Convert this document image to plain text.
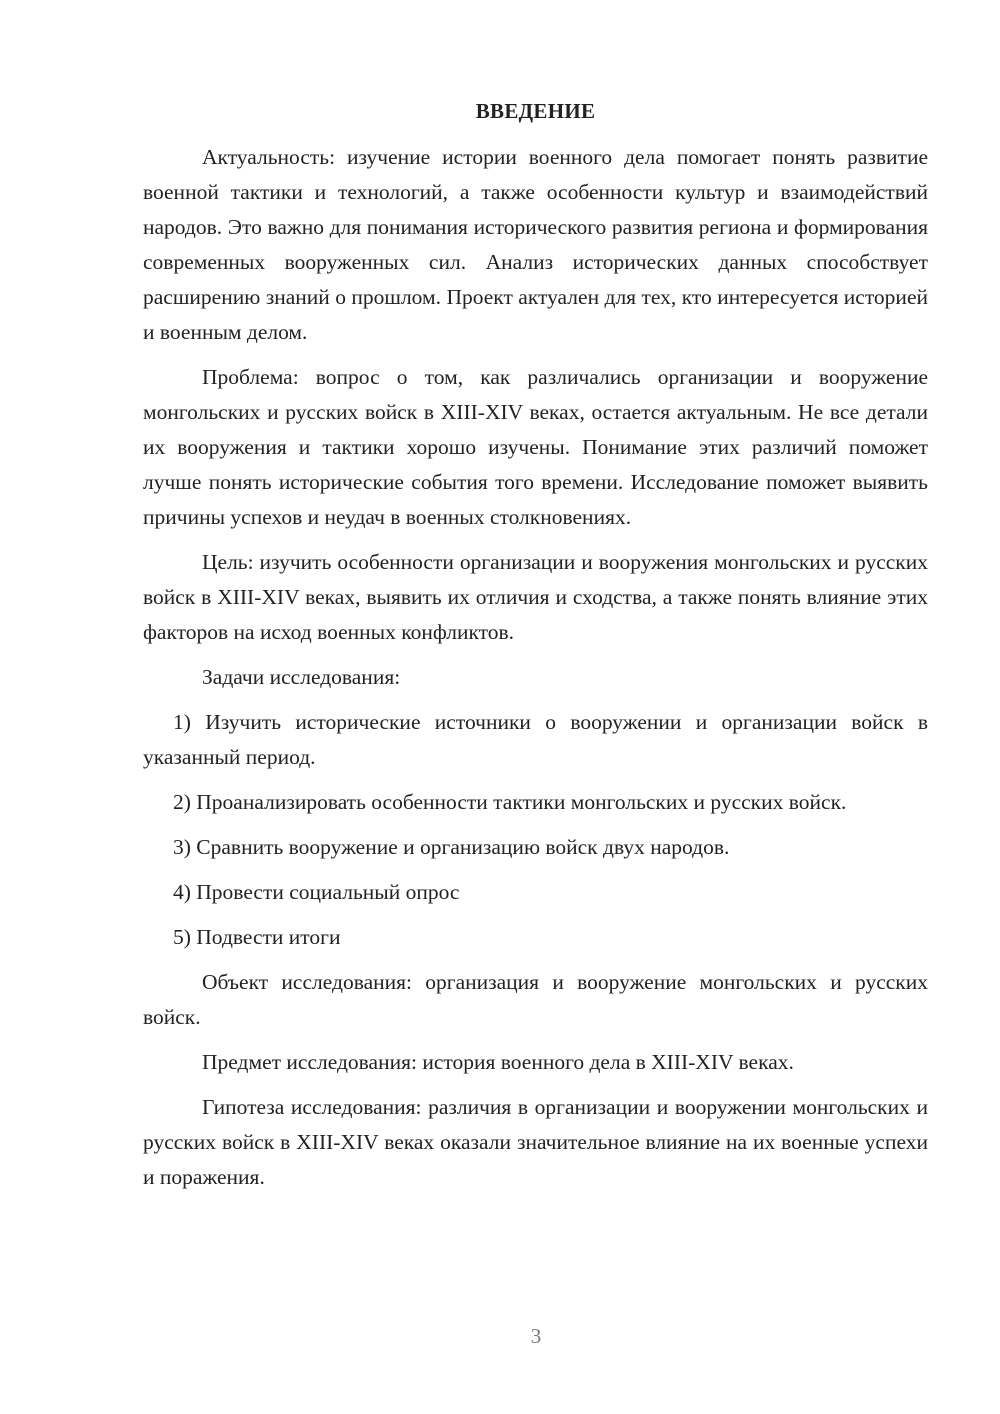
ВВЕДЕНИЕ

Актуальность: изучение истории военного дела помогает понять развитие военной тактики и технологий, а также особенности культур и взаимодействий народов. Это важно для понимания исторического развития региона и формирования современных вооруженных сил. Анализ исторических данных способствует расширению знаний о прошлом. Проект актуален для тех, кто интересуется историей и военным делом.

Проблема: вопрос о том, как различались организации и вооружение монгольских и русских войск в XIII-XIV веках, остается актуальным. Не все детали их вооружения и тактики хорошо изучены. Понимание этих различий поможет лучше понять исторические события того времени. Исследование поможет выявить причины успехов и неудач в военных столкновениях.

Цель: изучить особенности организации и вооружения монгольских и русских войск в XIII-XIV веках, выявить их отличия и сходства, а также понять влияние этих факторов на исход военных конфликтов.

Задачи исследования:

1) Изучить исторические источники о вооружении и организации войск в указанный период.

2) Проанализировать особенности тактики монгольских и русских войск.

3) Сравнить вооружение и организацию войск двух народов.

4) Провести социальный опрос

5) Подвести итоги

Объект исследования: организация и вооружение монгольских и русских войск.

Предмет исследования: история военного дела в XIII-XIV веках.

Гипотеза исследования: различия в организации и вооружении монгольских и русских войск в XIII-XIV веках оказали значительное влияние на их военные успехи и поражения.

3
